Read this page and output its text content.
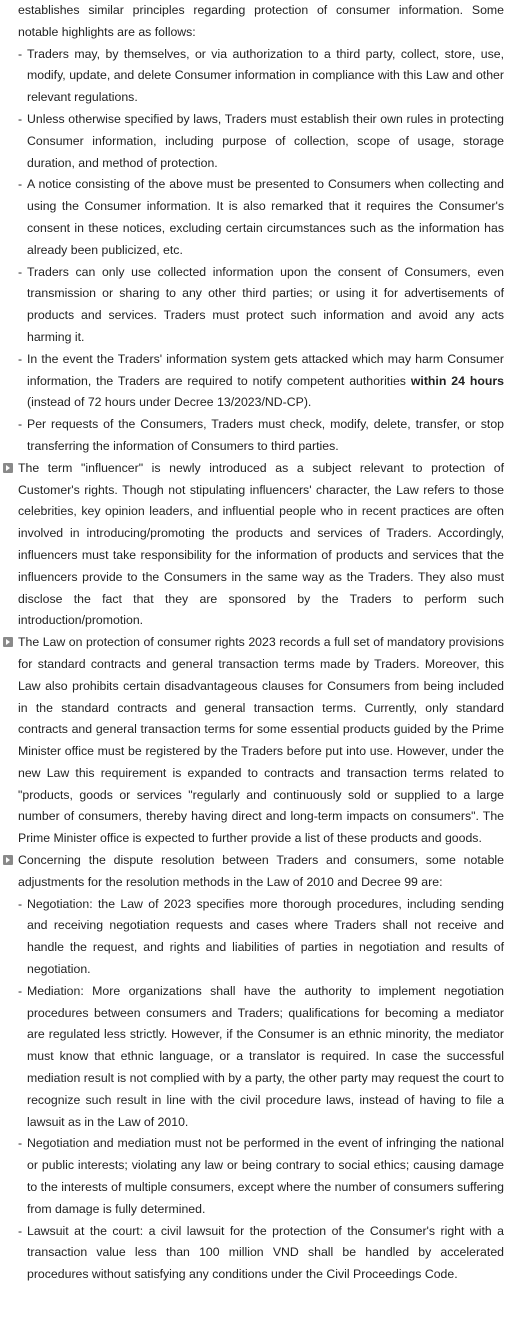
establishes similar principles regarding protection of consumer information. Some notable highlights are as follows:

- Traders may, by themselves, or via authorization to a third party, collect, store, use, modify, update, and delete Consumer information in compliance with this Law and other relevant regulations.
- Unless otherwise specified by laws, Traders must establish their own rules in protecting Consumer information, including purpose of collection, scope of usage, storage duration, and method of protection.
- A notice consisting of the above must be presented to Consumers when collecting and using the Consumer information. It is also remarked that it requires the Consumer's consent in these notices, excluding certain circumstances such as the information has already been publicized, etc.
- Traders can only use collected information upon the consent of Consumers, even transmission or sharing to any other third parties; or using it for advertisements of products and services. Traders must protect such information and avoid any acts harming it.
- In the event the Traders' information system gets attacked which may harm Consumer information, the Traders are required to notify competent authorities within 24 hours (instead of 72 hours under Decree 13/2023/ND-CP).
- Per requests of the Consumers, Traders must check, modify, delete, transfer, or stop transferring the information of Consumers to third parties.

The term "influencer" is newly introduced as a subject relevant to protection of Customer's rights. Though not stipulating influencers' character, the Law refers to those celebrities, key opinion leaders, and influential people who in recent practices are often involved in introducing/promoting the products and services of Traders. Accordingly, influencers must take responsibility for the information of products and services that the influencers provide to the Consumers in the same way as the Traders. They also must disclose the fact that they are sponsored by the Traders to perform such introduction/promotion.

The Law on protection of consumer rights 2023 records a full set of mandatory provisions for standard contracts and general transaction terms made by Traders. Moreover, this Law also prohibits certain disadvantageous clauses for Consumers from being included in the standard contracts and general transaction terms. Currently, only standard contracts and general transaction terms for some essential products guided by the Prime Minister office must be registered by the Traders before put into use. However, under the new Law this requirement is expanded to contracts and transaction terms related to "products, goods or services "regularly and continuously sold or supplied to a large number of consumers, thereby having direct and long-term impacts on consumers". The Prime Minister office is expected to further provide a list of these products and goods.

Concerning the dispute resolution between Traders and consumers, some notable adjustments for the resolution methods in the Law of 2010 and Decree 99 are:

- Negotiation: the Law of 2023 specifies more thorough procedures, including sending and receiving negotiation requests and cases where Traders shall not receive and handle the request, and rights and liabilities of parties in negotiation and results of negotiation.
- Mediation: More organizations shall have the authority to implement negotiation procedures between consumers and Traders; qualifications for becoming a mediator are regulated less strictly. However, if the Consumer is an ethnic minority, the mediator must know that ethnic language, or a translator is required. In case the successful mediation result is not complied with by a party, the other party may request the court to recognize such result in line with the civil procedure laws, instead of having to file a lawsuit as in the Law of 2010.
- Negotiation and mediation must not be performed in the event of infringing the national or public interests; violating any law or being contrary to social ethics; causing damage to the interests of multiple consumers, except where the number of consumers suffering from damage is fully determined.
- Lawsuit at the court: a civil lawsuit for the protection of the Consumer's right with a transaction value less than 100 million VND shall be handled by accelerated procedures without satisfying any conditions under the Civil Proceedings Code.
